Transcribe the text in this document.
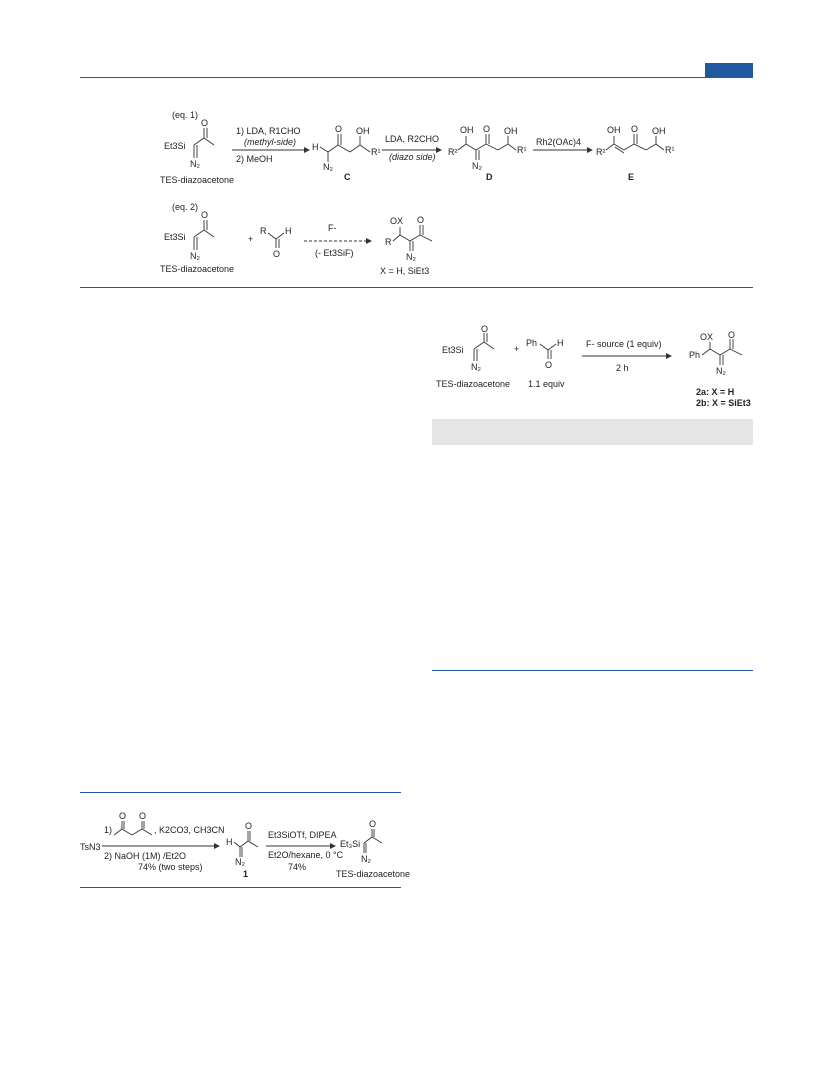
(eq. 1)
O
N₂
Et3Si
TES-diazoacetone
1) LDA, R1CHO
(methyl-side)
2) MeOH
H
O OH
R¹
N₂
C
LDA, R2CHO
(diazo side)
OH
R²
O OH
R¹
N₂
D
Rh2(OAc)4
OH
R²
O OH
R¹
E
(eq. 2)
O
N₂
Et3Si
TES-diazoacetone
+
R H
O
F-
(- Et3SiF)
OX
R
O
N₂
X = H, SiEt3
O
N₂
Et3Si
TES-diazoacetone
+
H
O
Ph
1.1 equiv
F- source (1 equiv)
2 h
OX
Ph
O
N₂
2a: X = H
2b: X = SiEt3
TsN3
1)
O O
, K2CO3, CH3CN
2) NaOH (1M) /Et2O
74% (two steps)
H
O
N₂
1
Et3SiOTf, DIPEA
Et2O/hexane, 0 °C
74%
O
N₂
Et₃Si
TES-diazoacetone
